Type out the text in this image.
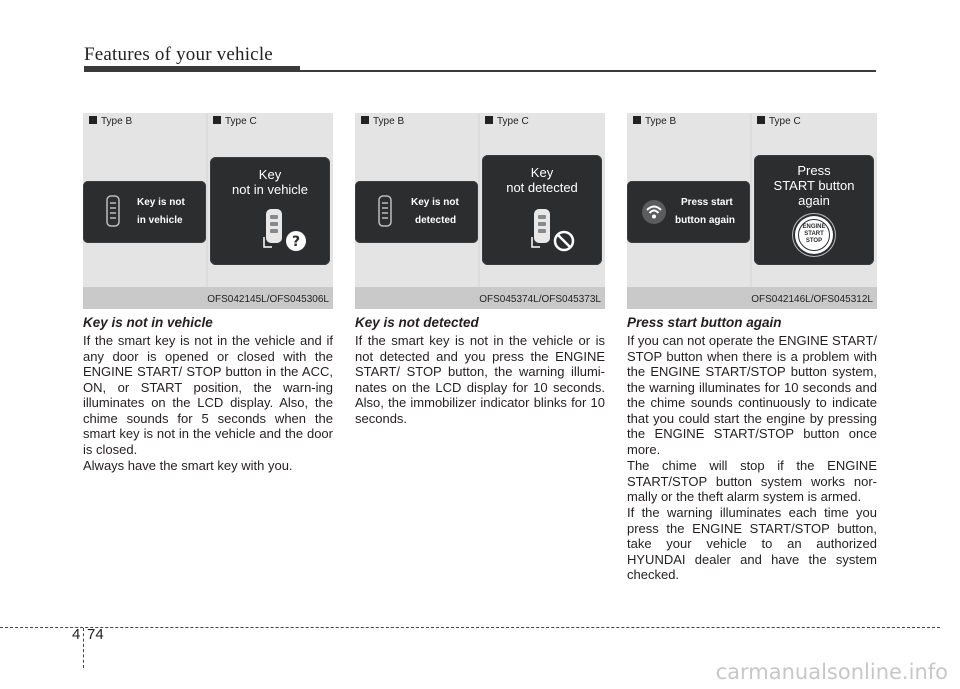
Features of your vehicle
Type B	Type C
Key is not
in vehicle
Key
not in vehicle
?
OFS042145L/OFS045306L
Type B	Type C
Key is not
detected
Key
not detected
OFS045374L/OFS045373L
Type B	Type C
Press start
button again
Press
START button
again
ENGINE
START
STOP
OFS042146L/OFS045312L
Key is not in vehicle
If the smart key is not in the vehicle and if any door is opened or closed with the ENGINE START/ STOP button in the ACC, ON, or START position, the warn-ing illuminates on the LCD display. Also, the chime sounds for 5 seconds when the smart key is not in the vehicle and the door is closed.
Always have the smart key with you.
Key is not detected
If the smart key is not in the vehicle or is not detected and you press the ENGINE START/ STOP button, the warning illumi-nates on the LCD display for 10 seconds. Also, the immobilizer indicator blinks for 10 seconds.
Press start button again
If you can not operate the ENGINE START/ STOP button when there is a problem with the ENGINE START/STOP button system, the warning illuminates for 10 seconds and the chime sounds continuously to indicate that you could start the engine by pressing the ENGINE START/STOP button once more.
The chime will stop if the ENGINE START/STOP button system works nor-mally or the theft alarm system is armed.
If the warning illuminates each time you press the ENGINE START/STOP button, take your vehicle to an authorized HYUNDAI dealer and have the system checked.
4 74
carmanualsonline.info
